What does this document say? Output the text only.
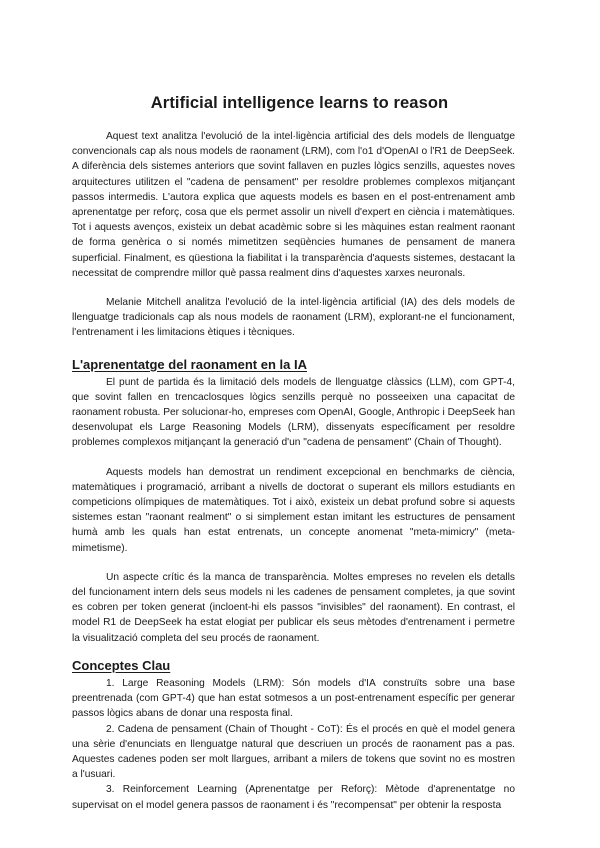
Artificial intelligence learns to reason

Aquest text analitza l'evolució de la intel·ligència artificial des dels models de llenguatge convencionals cap als nous models de raonament (LRM), com l'o1 d'OpenAI o l'R1 de DeepSeek. A diferència dels sistemes anteriors que sovint fallaven en puzles lògics senzills, aquestes noves arquitectures utilitzen el "cadena de pensament" per resoldre problemes complexos mitjançant passos intermedis. L'autora explica que aquests models es basen en el post-entrenament amb aprenentatge per reforç, cosa que els permet assolir un nivell d'expert en ciència i matemàtiques. Tot i aquests avenços, existeix un debat acadèmic sobre si les màquines estan realment raonant de forma genèrica o si només mimetitzen seqüències humanes de pensament de manera superficial. Finalment, es qüestiona la fiabilitat i la transparència d'aquests sistemes, destacant la necessitat de comprendre millor què passa realment dins d'aquestes xarxes neuronals.

Melanie Mitchell analitza l'evolució de la intel·ligència artificial (IA) des dels models de llenguatge tradicionals cap als nous models de raonament (LRM), explorant-ne el funcionament, l'entrenament i les limitacions ètiques i tècniques.

L'aprenentatge del raonament en la IA

El punt de partida és la limitació dels models de llenguatge clàssics (LLM), com GPT-4, que sovint fallen en trencaclosques lògics senzills perquè no posseeixen una capacitat de raonament robusta. Per solucionar-ho, empreses com OpenAI, Google, Anthropic i DeepSeek han desenvolupat els Large Reasoning Models (LRM), dissenyats específicament per resoldre problemes complexos mitjançant la generació d'un "cadena de pensament" (Chain of Thought).

Aquests models han demostrat un rendiment excepcional en benchmarks de ciència, matemàtiques i programació, arribant a nivells de doctorat o superant els millors estudiants en competicions olímpiques de matemàtiques. Tot i això, existeix un debat profund sobre si aquests sistemes estan "raonant realment" o si simplement estan imitant les estructures de pensament humà amb les quals han estat entrenats, un concepte anomenat "meta-mimicry" (meta-mimetisme).

Un aspecte crític és la manca de transparència. Moltes empreses no revelen els detalls del funcionament intern dels seus models ni les cadenes de pensament completes, ja que sovint es cobren per token generat (incloent-hi els passos "invisibles" del raonament). En contrast, el model R1 de DeepSeek ha estat elogiat per publicar els seus mètodes d'entrenament i permetre la visualització completa del seu procés de raonament.

Conceptes Clau

1. Large Reasoning Models (LRM): Són models d'IA construïts sobre una base preentrenada (com GPT-4) que han estat sotmesos a un post-entrenament específic per generar passos lògics abans de donar una resposta final.

2. Cadena de pensament (Chain of Thought - CoT): És el procés en què el model genera una sèrie d'enunciats en llenguatge natural que descriuen un procés de raonament pas a pas. Aquestes cadenes poden ser molt llargues, arribant a milers de tokens que sovint no es mostren a l'usuari.

3. Reinforcement Learning (Aprenentatge per Reforç): Mètode d'aprenentatge no supervisat on el model genera passos de raonament i és "recompensat" per obtenir la resposta
